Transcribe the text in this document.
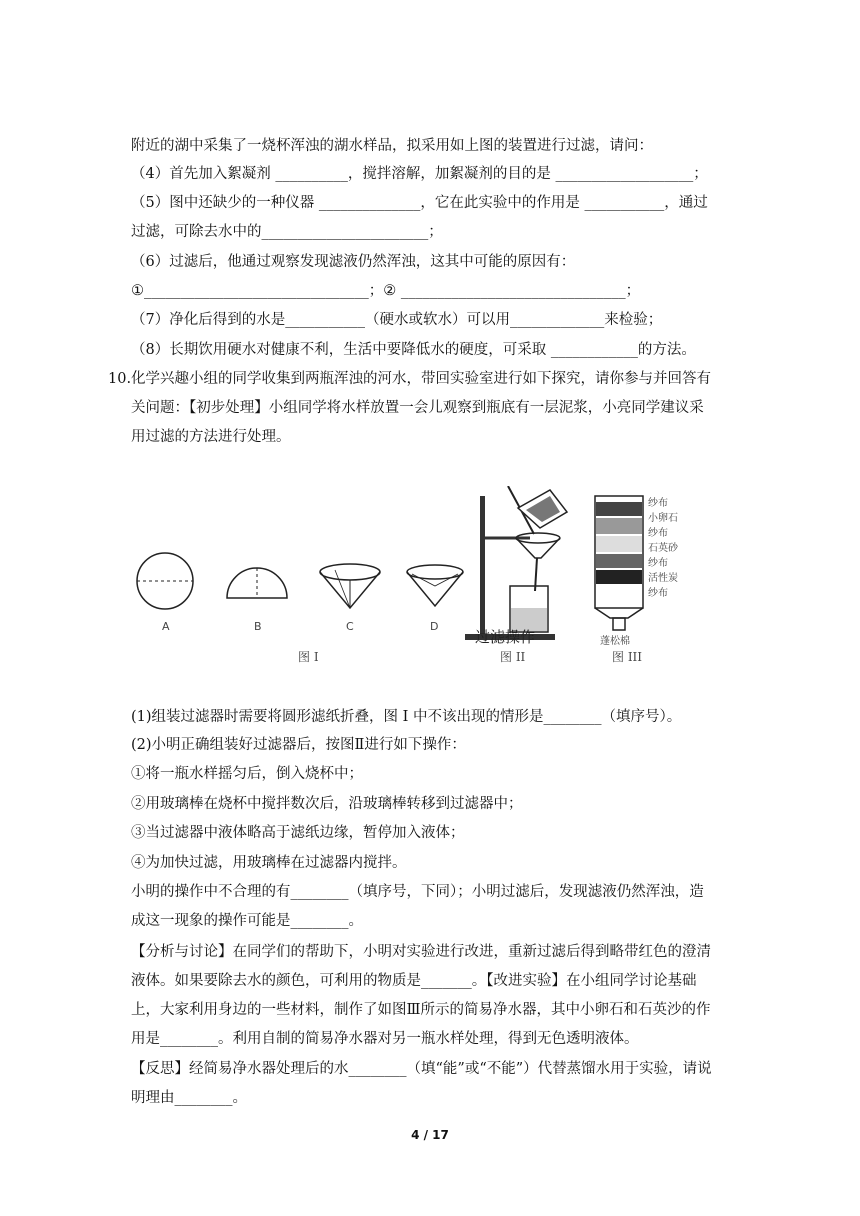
附近的湖中采集了一烧杯浑浊的湖水样品，拟采用如上图的装置进行过滤，请问：
（4）首先加入絮凝剂 __________，搅拌溶解，加絮凝剂的目的是 ___________________；
（5）图中还缺少的一种仪器 ______________，它在此实验中的作用是 ___________，通过
过滤，可除去水中的_______________________；
（6）过滤后，他通过观察发现滤液仍然浑浊，这其中可能的原因有：
①_______________________________；② _______________________________；
（7）净化后得到的水是___________（硬水或软水）可以用_____________来检验；
（8）长期饮用硬水对健康不利，生活中要降低水的硬度，可采取 ____________的方法。
10. 化学兴趣小组的同学收集到两瓶浑浊的河水，带回实验室进行如下探究，请你参与并回答有
关问题：【初步处理】小组同学将水样放置一会儿观察到瓶底有一层泥浆，小亮同学建议采
用过滤的方法进行处理。
A	B	C	D
过滤操作
图 I	图 II	图 III
纱布
小卵石
纱布
石英砂
纱布
活性炭
纱布
蓬松棉
(1)组装过滤器时需要将圆形滤纸折叠，图 I 中不该出现的情形是________（填序号）。
(2)小明正确组装好过滤器后，按图Ⅱ进行如下操作：
①将一瓶水样摇匀后，倒入烧杯中；
②用玻璃棒在烧杯中搅拌数次后，沿玻璃棒转移到过滤器中；
③当过滤器中液体略高于滤纸边缘，暂停加入液体；
④为加快过滤，用玻璃棒在过滤器内搅拌。
小明的操作中不合理的有________（填序号，下同）；小明过滤后，发现滤液仍然浑浊，造
成这一现象的操作可能是________。
【分析与讨论】在同学们的帮助下，小明对实验进行改进，重新过滤后得到略带红色的澄清
液体。如果要除去水的颜色，可利用的物质是_______。【改进实验】在小组同学讨论基础
上，大家利用身边的一些材料，制作了如图Ⅲ所示的简易净水器，其中小卵石和石英沙的作
用是________。利用自制的简易净水器对另一瓶水样处理，得到无色透明液体。
【反思】经简易净水器处理后的水________（填“能”或“不能”）代替蒸馏水用于实验，请说
明理由________。
4 / 17
